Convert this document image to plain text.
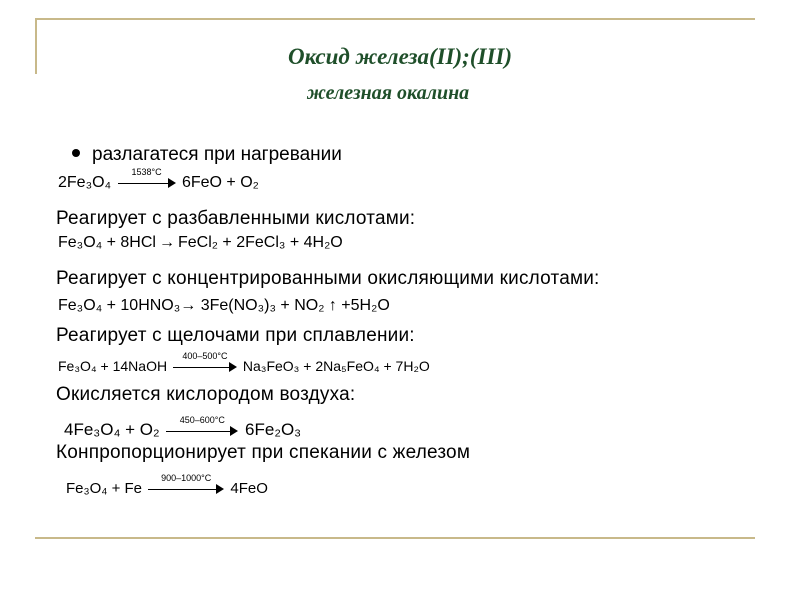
Оксид железа(II);(III)
железная окалина
разлагатеся при нагревании
2Fe₃O₄
1538°C
6FeO + O₂
Реагирует с разбавленными кислотами:
Fe₃O₄ + 8HCl → FeCl₂ + 2FeCl₃ + 4H₂O
Реагирует с концентрированными окисляющими кислотами:
Fe₃O₄ + 10HNO₃→ 3Fe(NO₃)₃ + NO₂ ↑ +5H₂O
Реагирует с щелочами при сплавлении:
Fe₃O₄ + 14NaOH
400–500°C
Na₃FeO₃ + 2Na₅FeO₄ + 7H₂O
Окисляется кислородом воздуха:
4Fe₃O₄ + O₂
450–600°C
6Fe₂O₃
Конпропорционирует при спекании с железом
Fe₃O₄ + Fe
900–1000°C
4FeO
